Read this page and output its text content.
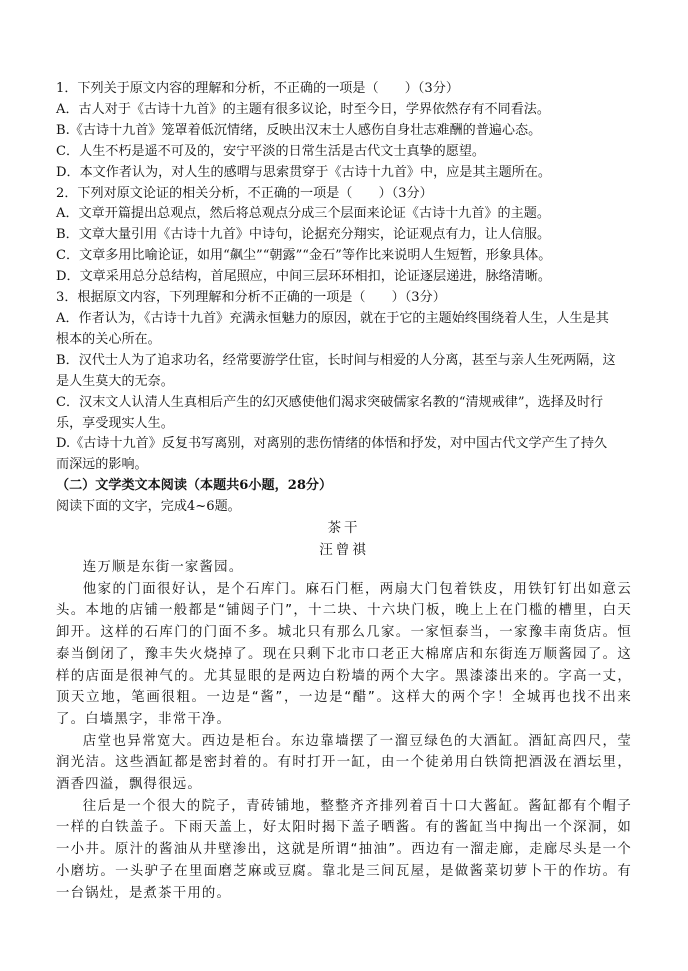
1．下列关于原文内容的理解和分析，不正确的一项是（　　）（3分）

A．古人对于《古诗十九首》的主题有很多议论，时至今日，学界依然存有不同看法。

B.《古诗十九首》笼罩着低沉情绪，反映出汉末士人感伤自身壮志难酬的普遍心态。

C．人生不朽是遥不可及的，安宁平淡的日常生活是古代文士真挚的愿望。

D．本文作者认为，对人生的感喟与思索贯穿于《古诗十九首》中，应是其主题所在。

2．下列对原文论证的相关分析，不正确的一项是（　　）（3分）

A．文章开篇提出总观点，然后将总观点分成三个层面来论证《古诗十九首》的主题。

B．文章大量引用《古诗十九首》中诗句，论据充分翔实，论证观点有力，让人信服。

C．文章多用比喻论证，如用“飙尘”“朝露”“金石”等作比来说明人生短暂，形象具体。

D．文章采用总分总结构，首尾照应，中间三层环环相扣，论证逐层递进，脉络清晰。

3．根据原文内容，下列理解和分析不正确的一项是（　　）（3分）

A．作者认为，《古诗十九首》充满永恒魅力的原因，就在于它的主题始终围绕着人生，人生是其根本的关心所在。

B．汉代士人为了追求功名，经常要游学仕宦，长时间与相爱的人分离，甚至与亲人生死两隔，这是人生莫大的无奈。

C．汉末文人认清人生真相后产生的幻灭感使他们渴求突破儒家名教的“清规戒律”，选择及时行乐，享受现实人生。

D.《古诗十九首》反复书写离别，对离别的悲伤情绪的体悟和抒发，对中国古代文学产生了持久而深远的影响。

（二）文学类文本阅读（本题共6小题，28分）

阅读下面的文字，完成4~6题。

茶干
汪曾祺

连万顺是东街一家酱园。

他家的门面很好认，是个石库门。麻石门框，两扇大门包着铁皮，用铁钉钉出如意云头。本地的店铺一般都是“铺闼子门”，十二块、十六块门板，晚上上在门槛的槽里，白天卸开。这样的石库门的门面不多。城北只有那么几家。一家恒泰当，一家豫丰南货店。恒泰当倒闭了，豫丰失火烧掉了。现在只剩下北市口老正大棉席店和东街连万顺酱园了。这样的店面是很神气的。尤其显眼的是两边白粉墙的两个大字。黑漆漆出来的。字高一丈，顶天立地，笔画很粗。一边是“酱”，一边是“醋”。这样大的两个字！全城再也找不出来了。白墙黑字，非常干净。

店堂也异常宽大。西边是柜台。东边靠墙摆了一溜豆绿色的大酒缸。酒缸高四尺，莹润光洁。这些酒缸都是密封着的。有时打开一缸，由一个徒弟用白铁筒把酒汲在酒坛里，酒香四溢，飘得很远。

往后是一个很大的院子，青砖铺地，整整齐齐排列着百十口大酱缸。酱缸都有个帽子一样的白铁盖子。下雨天盖上，好太阳时揭下盖子晒酱。有的酱缸当中掏出一个深洞，如一小井。原汁的酱油从井壁渗出，这就是所谓“抽油”。西边有一溜走廊，走廊尽头是一个小磨坊。一头驴子在里面磨芝麻或豆腐。靠北是三间瓦屋，是做酱菜切萝卜干的作坊。有一台锅灶，是煮茶干用的。
